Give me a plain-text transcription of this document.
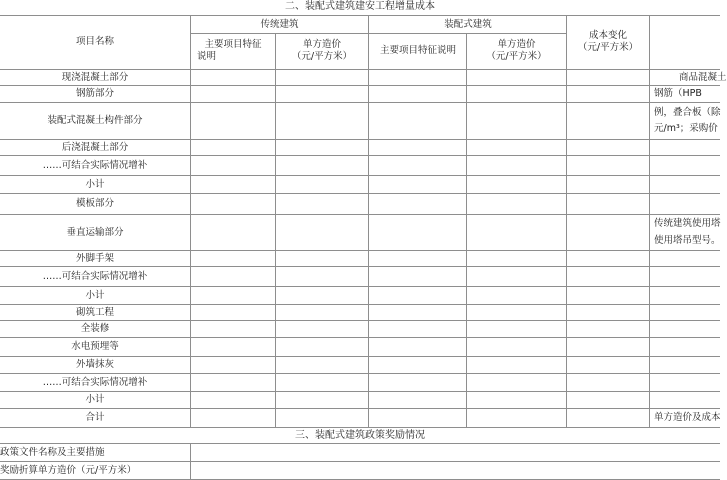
二、装配式建筑建安工程增量成本
项目名称
传统建筑	装配式建筑
主要项目特征
说明
单方造价
（元/平方米）
主要项目特征说明
单方造价
（元/平方米）
成本变化
（元/平方米）
现浇混凝土部分
钢筋部分
装配式混凝土构件部分
后浇混凝土部分
……可结合实际情况增补
小计
模板部分
垂直运输部分
外脚手架
……可结合实际情况增补
小计
砌筑工程
全装修
水电预埋等
外墙抹灰
……可结合实际情况增补
小计
合计
商品混凝土
钢筋（HPB
例，叠合板（除
元/m³；采购价
传统建筑使用塔
使用塔吊型号。
单方造价及成本
三、装配式建筑政策奖励情况
政策文件名称及主要措施
奖励折算单方造价（元/平方米）
